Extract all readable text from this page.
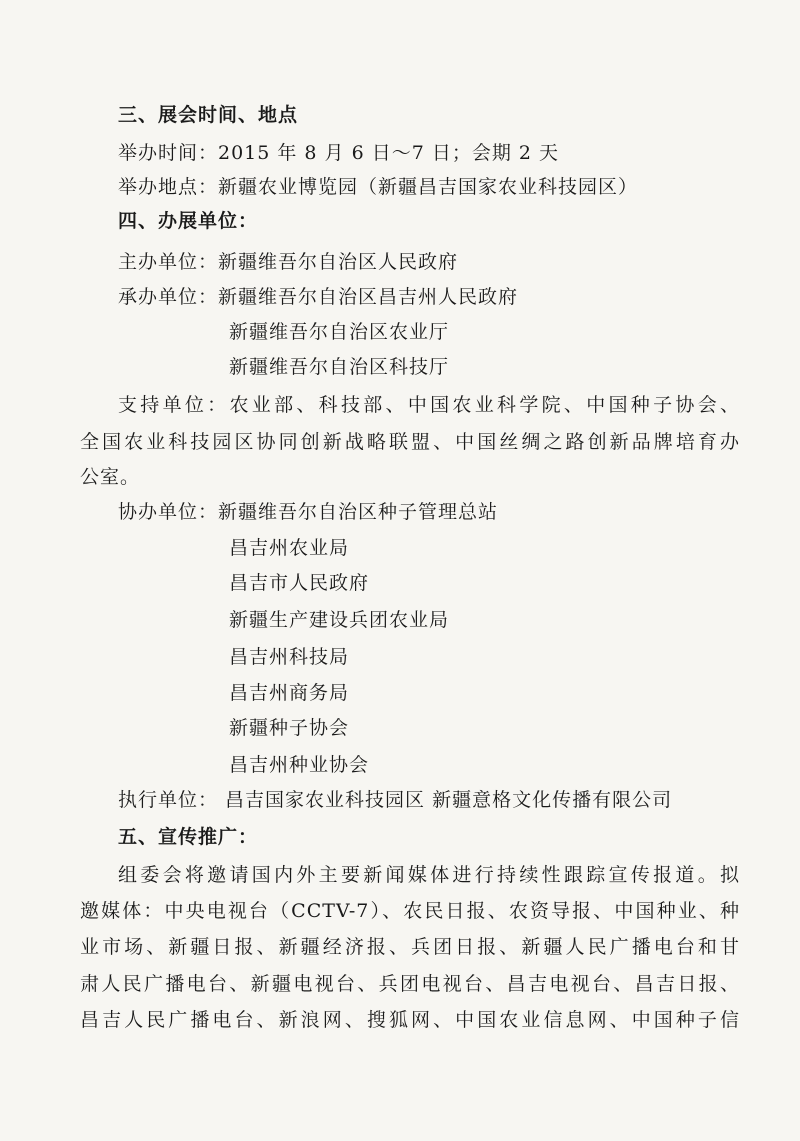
三、展会时间、地点
举办时间：2015 年 8 月 6 日～7 日；会期 2 天
举办地点：新疆农业博览园（新疆昌吉国家农业科技园区）
四、办展单位：
主办单位：新疆维吾尔自治区人民政府
承办单位：新疆维吾尔自治区昌吉州人民政府
新疆维吾尔自治区农业厅
新疆维吾尔自治区科技厅
支持单位：农业部、科技部、中国农业科学院、中国种子协会、
全国农业科技园区协同创新战略联盟、中国丝绸之路创新品牌培育办
公室。
协办单位：新疆维吾尔自治区种子管理总站
昌吉州农业局
昌吉市人民政府
新疆生产建设兵团农业局
昌吉州科技局
昌吉州商务局
新疆种子协会
昌吉州种业协会
执行单位： 昌吉国家农业科技园区 新疆意格文化传播有限公司
五、宣传推广：
组委会将邀请国内外主要新闻媒体进行持续性跟踪宣传报道。拟
邀媒体：中央电视台（CCTV-7）、农民日报、农资导报、中国种业、种
业市场、新疆日报、新疆经济报、兵团日报、新疆人民广播电台和甘
肃人民广播电台、新疆电视台、兵团电视台、昌吉电视台、昌吉日报、
昌吉人民广播电台、新浪网、搜狐网、中国农业信息网、中国种子信
